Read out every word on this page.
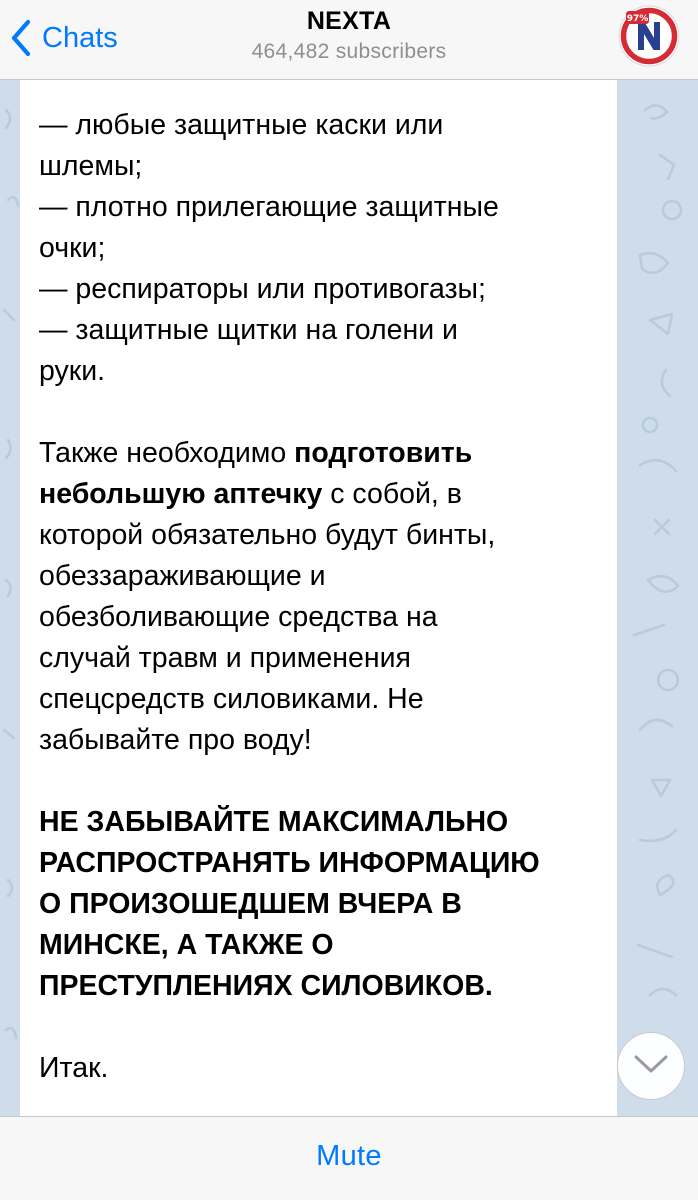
Chats
NEXTA
464,482 subscribers
97%
— любые защитные каски или
шлемы;
— плотно прилегающие защитные
очки;
— респираторы или противогазы;
— защитные щитки на голени и
руки.
Также необходимо подготовить
небольшую аптечку с собой, в
которой обязательно будут бинты,
обеззараживающие и
обезболивающие средства на
случай травм и применения
спецсредств силовиками. Не
забывайте про воду!
НЕ ЗАБЫВАЙТЕ МАКСИМАЛЬНО
РАСПРОСТРАНЯТЬ ИНФОРМАЦИЮ
О ПРОИЗОШЕДШЕМ ВЧЕРА В
МИНСКЕ, А ТАКЖЕ О
ПРЕСТУПЛЕНИЯХ СИЛОВИКОВ.
Итак.
Mute
